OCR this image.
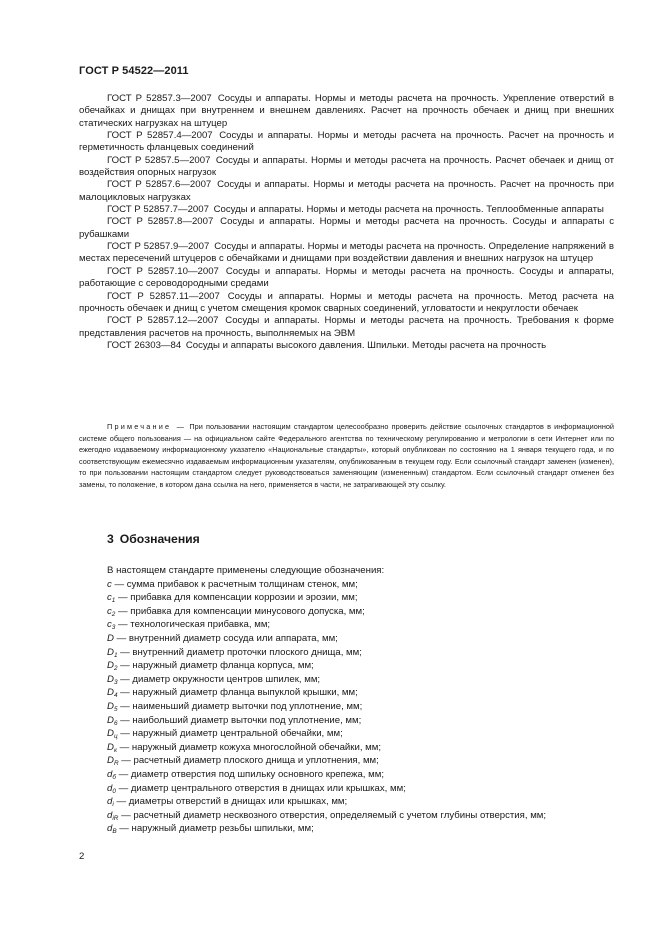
ГОСТ Р 54522—2011

ГОСТ Р 52857.3—2007 Сосуды и аппараты. Нормы и методы расчета на прочность. Укрепление отверстий в обечайках и днищах при внутреннем и внешнем давлениях. Расчет на прочность обечаек и днищ при внешних статических нагрузках на штуцер

ГОСТ Р 52857.4—2007 Сосуды и аппараты. Нормы и методы расчета на прочность. Расчет на прочность и герметичность фланцевых соединений

ГОСТ Р 52857.5—2007 Сосуды и аппараты. Нормы и методы расчета на прочность. Расчет обечаек и днищ от воздействия опорных нагрузок

ГОСТ Р 52857.6—2007 Сосуды и аппараты. Нормы и методы расчета на прочность. Расчет на прочность при малоцикловых нагрузках

ГОСТ Р 52857.7—2007 Сосуды и аппараты. Нормы и методы расчета на прочность. Теплообменные аппараты

ГОСТ Р 52857.8—2007 Сосуды и аппараты. Нормы и методы расчета на прочность. Сосуды и аппараты с рубашками

ГОСТ Р 52857.9—2007 Сосуды и аппараты. Нормы и методы расчета на прочность. Определение напряжений в местах пересечений штуцеров с обечайками и днищами при воздействии давления и внешних нагрузок на штуцер

ГОСТ Р 52857.10—2007 Сосуды и аппараты. Нормы и методы расчета на прочность. Сосуды и аппараты, работающие с сероводородными средами

ГОСТ Р 52857.11—2007 Сосуды и аппараты. Нормы и методы расчета на прочность. Метод расчета на прочность обечаек и днищ с учетом смещения кромок сварных соединений, угловатости и некруглости обечаек

ГОСТ Р 52857.12—2007 Сосуды и аппараты. Нормы и методы расчета на прочность. Требования к форме представления расчетов на прочность, выполняемых на ЭВМ

ГОСТ 26303—84 Сосуды и аппараты высокого давления. Шпильки. Методы расчета на прочность

Примечание — При пользовании настоящим стандартом целесообразно проверить действие ссылочных стандартов в информационной системе общего пользования — на официальном сайте Федерального агентства по техническому регулированию и метрологии в сети Интернет или по ежегодно издаваемому информационному указателю «Национальные стандарты», который опубликован по состоянию на 1 января текущего года, и по соответствующим ежемесячно издаваемым информационным указателям, опубликованным в текущем году. Если ссылочный стандарт заменен (изменен), то при пользовании настоящим стандартом следует руководствоваться заменяющим (измененным) стандартом. Если ссылочный стандарт отменен без замены, то положение, в котором дана ссылка на него, применяется в части, не затрагивающей эту ссылку.

3 Обозначения

В настоящем стандарте применены следующие обозначения:

c — сумма прибавок к расчетным толщинам стенок, мм;
$c_1$ — прибавка для компенсации коррозии и эрозии, мм;
$c_2$ — прибавка для компенсации минусового допуска, мм;
$c_3$ — технологическая прибавка, мм;
D — внутренний диаметр сосуда или аппарата, мм;
$D_1$ — внутренний диаметр проточки плоского днища, мм;
$D_2$ — наружный диаметр фланца корпуса, мм;
$D_3$ — диаметр окружности центров шпилек, мм;
$D_4$ — наружный диаметр фланца выпуклой крышки, мм;
$D_5$ — наименьший диаметр выточки под уплотнение, мм;
$D_6$ — наибольший диаметр выточки под уплотнение, мм;
$D_ц$ — наружный диаметр центральной обечайки, мм;
$D_к$ — наружный диаметр кожуха многослойной обечайки, мм;
$D_R$ — расчетный диаметр плоского днища и уплотнения, мм;
$d_б$ — диаметр отверстия под шпильку основного крепежа, мм;
$d_0$ — диаметр центрального отверстия в днищах или крышках, мм;
$d_i$ — диаметры отверстий в днищах или крышках, мм;
$d_{iR}$ — расчетный диаметр несквозного отверстия, определяемый с учетом глубины отверстия, мм;
$d_B$ — наружный диаметр резьбы шпильки, мм;
2
